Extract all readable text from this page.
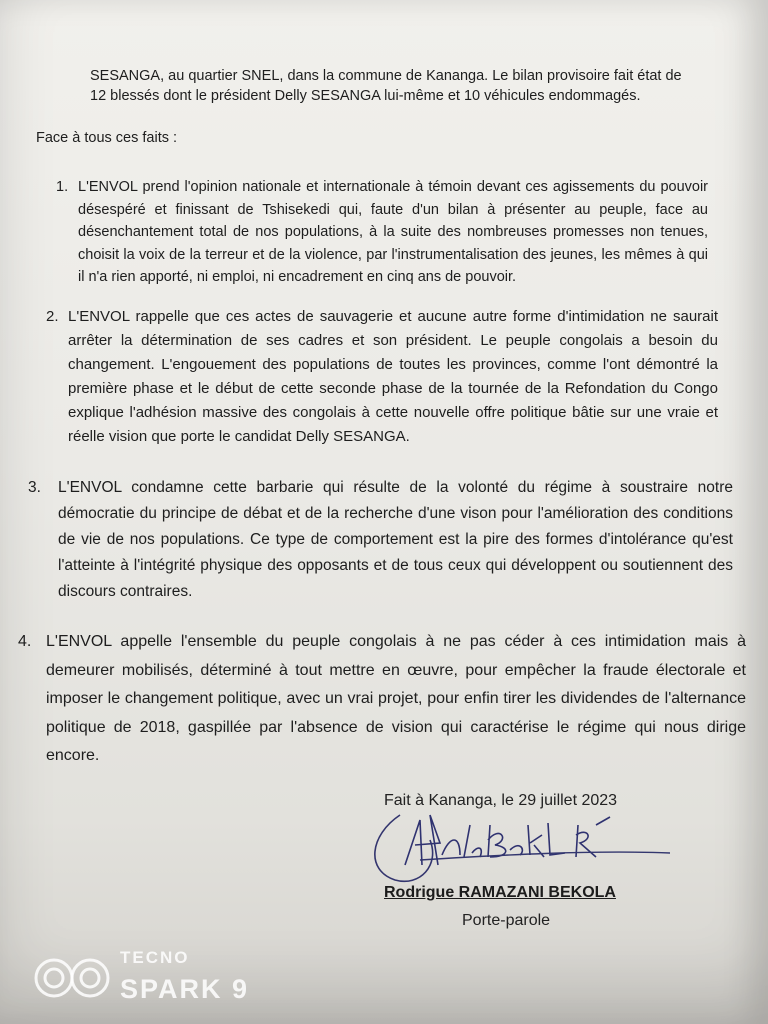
SESANGA, au quartier SNEL, dans la commune de Kananga. Le bilan provisoire fait état de
12 blessés dont le président Delly SESANGA lui-même et 10 véhicules endommagés.
Face à tous ces faits :
1. L'ENVOL prend l'opinion nationale et internationale à témoin devant ces agissements du pouvoir désespéré et finissant de Tshisekedi qui, faute d'un bilan à présenter au peuple, face au désenchantement total de nos populations, à la suite des nombreuses promesses non tenues, choisit la voix de la terreur et de la violence, par l'instrumentalisation des jeunes, les mêmes à qui il n'a rien apporté, ni emploi, ni encadrement en cinq ans de pouvoir.
2. L'ENVOL rappelle que ces actes de sauvagerie et aucune autre forme d'intimidation ne saurait arrêter la détermination de ses cadres et son président. Le peuple congolais a besoin du changement. L'engouement des populations de toutes les provinces, comme l'ont démontré la première phase et le début de cette seconde phase de la tournée de la Refondation du Congo explique l'adhésion massive des congolais à cette nouvelle offre politique bâtie sur une vraie et réelle vision que porte le candidat Delly SESANGA.
3. L'ENVOL condamne cette barbarie qui résulte de la volonté du régime à soustraire notre démocratie du principe de débat et de la recherche d'une vison pour l'amélioration des conditions de vie de nos populations. Ce type de comportement est la pire des formes d'intolérance qu'est l'atteinte à l'intégrité physique des opposants et de tous ceux qui développent ou soutiennent des discours contraires.
4. L'ENVOL appelle l'ensemble du peuple congolais à ne pas céder à ces intimidation mais à demeurer mobilisés, déterminé à tout mettre en œuvre, pour empêcher la fraude électorale et imposer le changement politique, avec un vrai projet, pour enfin tirer les dividendes de l'alternance politique de 2018, gaspillée par l'absence de vision qui caractérise le régime qui nous dirige encore.
Fait à Kananga, le 29 juillet 2023
Rodrigue RAMAZANI BEKOLA
Porte-parole
TECNO
SPARK 9
